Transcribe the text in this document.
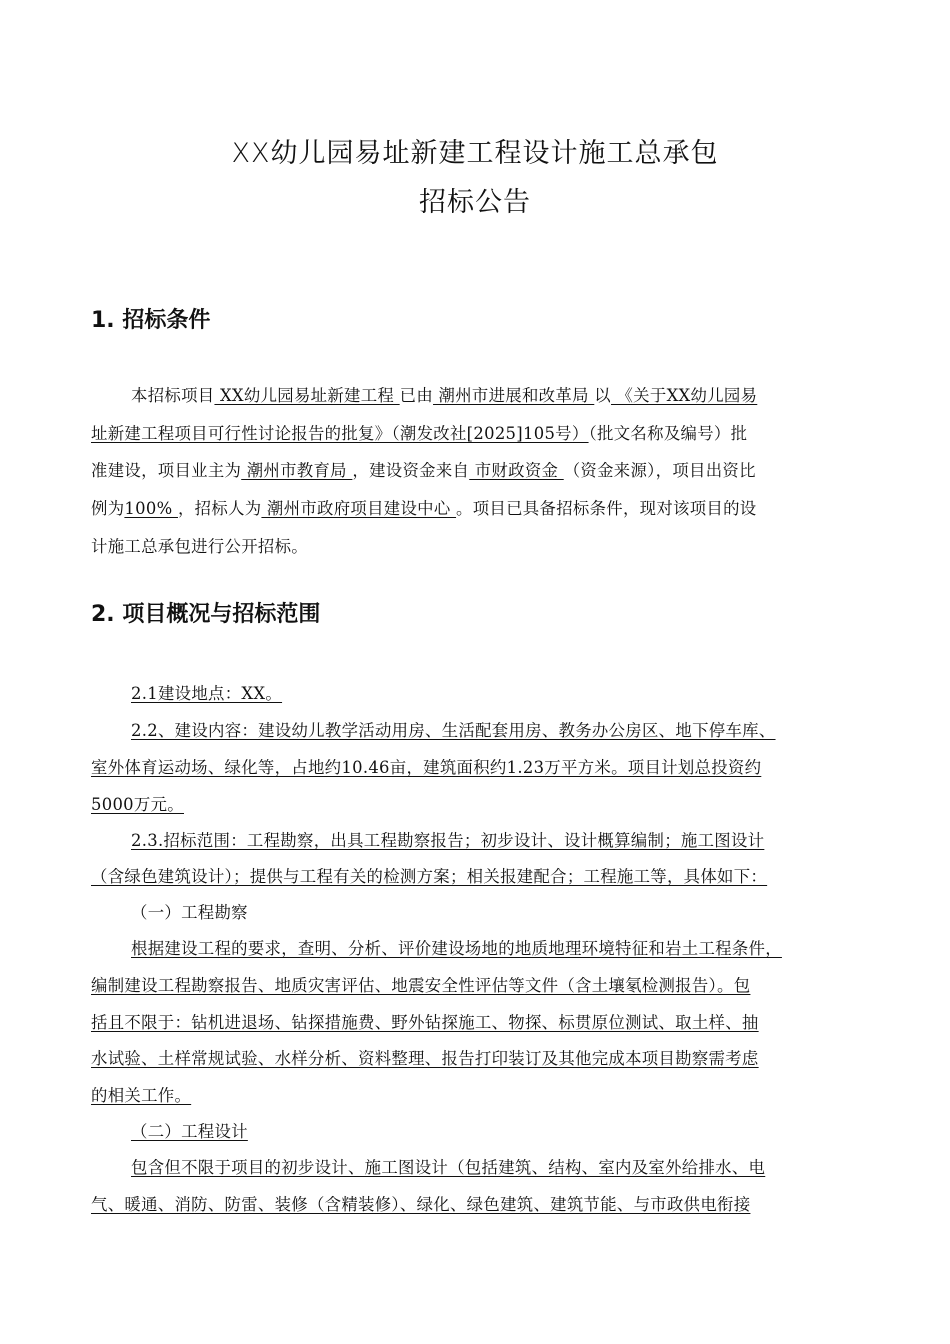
XX幼儿园易址新建工程设计施工总承包
招标公告
1. 招标条件
本招标项目 XX幼儿园易址新建工程 已由 潮州市进展和改革局 以 《关于XX幼儿园易
址新建工程项目可行性讨论报告的批复》（潮发改社[2025]105号）（批文名称及编号）批
准建设，项目业主为 潮州市教育局 ，建设资金来自 市财政资金 （资金来源），项目出资比
例为100% ，招标人为 潮州市政府项目建设中心 。项目已具备招标条件，现对该项目的设
计施工总承包进行公开招标。
2. 项目概况与招标范围
2.1建设地点：XX。
2.2、建设内容：建设幼儿教学活动用房、生活配套用房、教务办公房区、地下停车库、
室外体育运动场、绿化等，占地约10.46亩，建筑面积约1.23万平方米。项目计划总投资约
5000万元。
2.3.招标范围：工程勘察，出具工程勘察报告；初步设计、设计概算编制；施工图设计
（含绿色建筑设计）；提供与工程有关的检测方案；相关报建配合；工程施工等，具体如下：
（一）工程勘察
根据建设工程的要求，查明、分析、评价建设场地的地质地理环境特征和岩土工程条件，
编制建设工程勘察报告、地质灾害评估、地震安全性评估等文件（含土壤氡检测报告）。包
括且不限于：钻机进退场、钻探措施费、野外钻探施工、物探、标贯原位测试、取土样、抽
水试验、土样常规试验、水样分析、资料整理、报告打印装订及其他完成本项目勘察需考虑
的相关工作。
（二）工程设计
包含但不限于项目的初步设计、施工图设计（包括建筑、结构、室内及室外给排水、电
气、暖通、消防、防雷、装修（含精装修）、绿化、绿色建筑、建筑节能、与市政供电衔接
